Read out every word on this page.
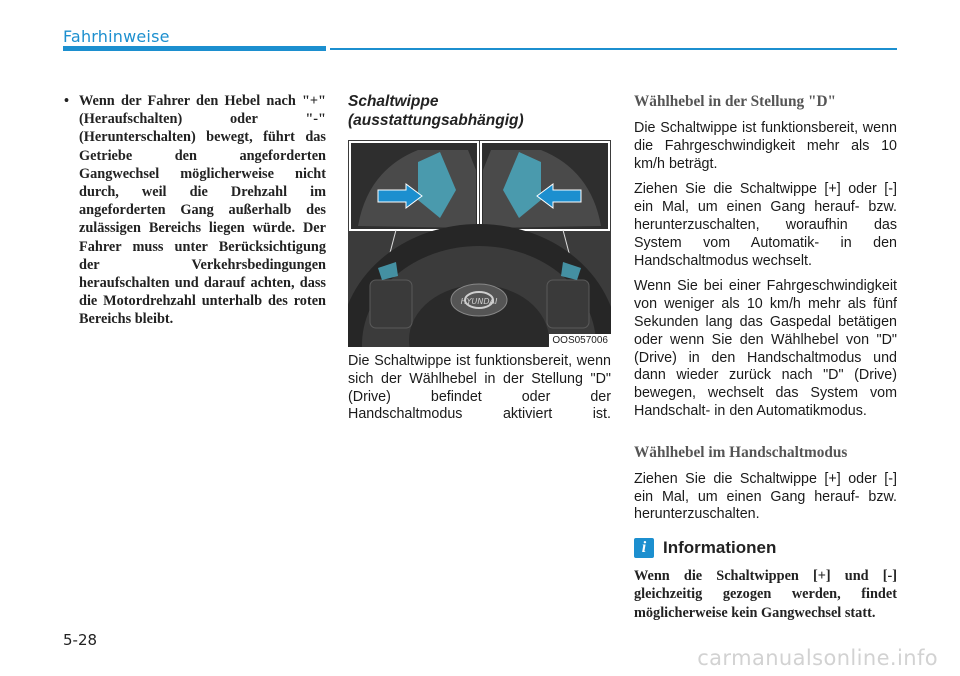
Fahrhinweise
• Wenn der Fahrer den Hebel nach "+" (Heraufschalten) oder "-" (Herunterschalten) bewegt, führt das Getriebe den angeforderten Gangwechsel möglicherweise nicht durch, weil die Drehzahl im angeforderten Gang außerhalb des zulässigen Bereichs liegen würde. Der Fahrer muss unter Berücksichtigung der Verkehrsbedingungen heraufschalten und darauf achten, dass die Motordrehzahl unterhalb des roten Bereichs bleibt.
Schaltwippe (ausstattungsabhängig)
HYUNDAI
OOS057006

Die Schaltwippe ist funktionsbereit, wenn sich der Wählhebel in der Stellung "D" (Drive) befindet oder der Handschaltmodus aktiviert ist.

Wählhebel in der Stellung "D"

Die Schaltwippe ist funktionsbereit, wenn die Fahrgeschwindigkeit mehr als 10 km/h beträgt.

Ziehen Sie die Schaltwippe [+] oder [-] ein Mal, um einen Gang herauf- bzw. herunterzuschalten, woraufhin das System vom Automatik- in den Handschaltmodus wechselt.

Wenn Sie bei einer Fahrgeschwindigkeit von weniger als 10 km/h mehr als fünf Sekunden lang das Gaspedal betätigen oder wenn Sie den Wählhebel von "D" (Drive) in den Handschaltmodus und dann wieder zurück nach "D" (Drive) bewegen, wechselt das System vom Handschalt- in den Automatikmodus.

Wählhebel im Handschaltmodus

Ziehen Sie die Schaltwippe [+] oder [-] ein Mal, um einen Gang herauf- bzw. herunterzuschalten.

i Informationen
Wenn die Schaltwippen [+] und [-] gleichzeitig gezogen werden, findet möglicherweise kein Gangwechsel statt.
5-28
carmanualsonline.info
